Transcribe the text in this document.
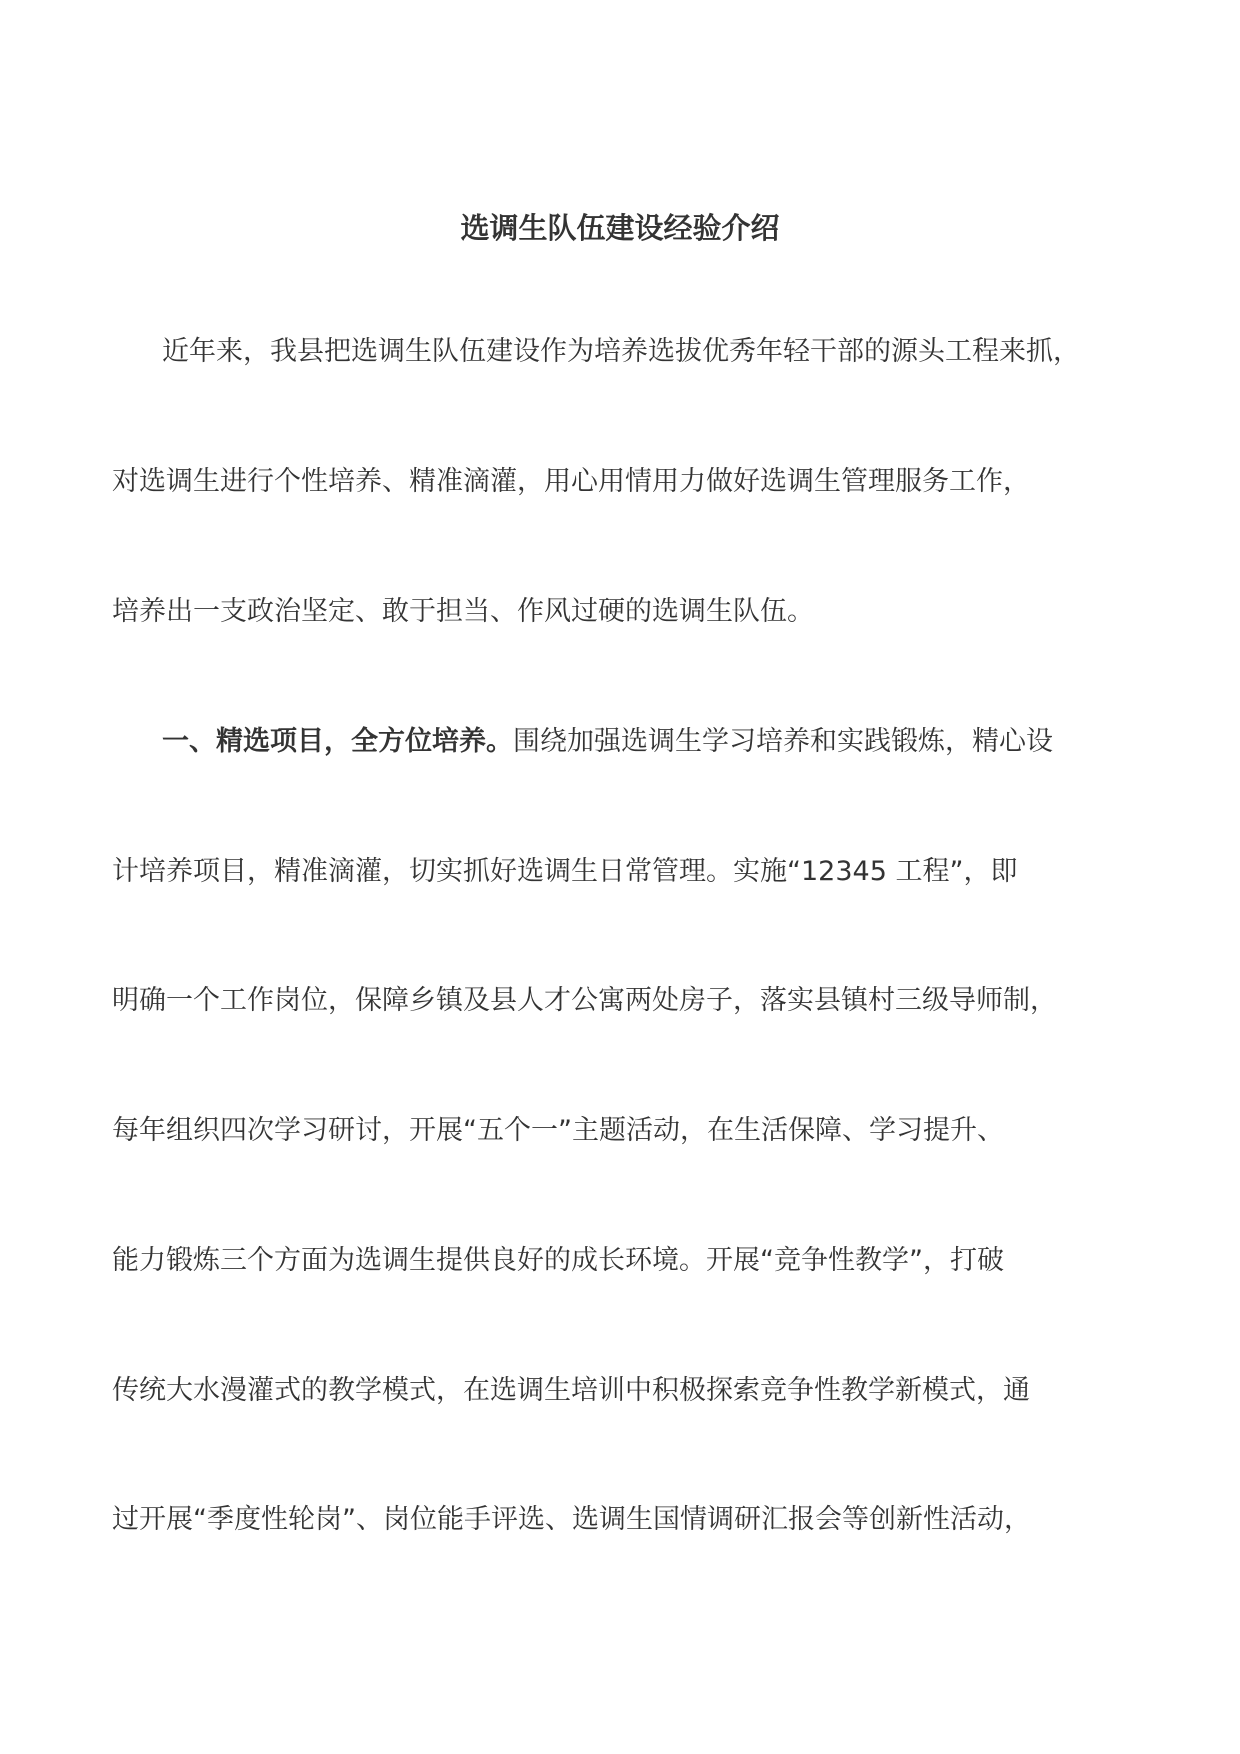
选调生队伍建设经验介绍
近年来，我县把选调生队伍建设作为培养选拔优秀年轻干部的源头工程来抓，
对选调生进行个性培养、精准滴灌，用心用情用力做好选调生管理服务工作，
培养出一支政治坚定、敢于担当、作风过硬的选调生队伍。
一、精选项目，全方位培养。围绕加强选调生学习培养和实践锻炼，精心设
计培养项目，精准滴灌，切实抓好选调生日常管理。实施“12345 工程”，即
明确一个工作岗位，保障乡镇及县人才公寓两处房子，落实县镇村三级导师制，
每年组织四次学习研讨，开展“五个一”主题活动，在生活保障、学习提升、
能力锻炼三个方面为选调生提供良好的成长环境。开展“竞争性教学”，打破
传统大水漫灌式的教学模式，在选调生培训中积极探索竞争性教学新模式，通
过开展“季度性轮岗”、岗位能手评选、选调生国情调研汇报会等创新性活动，
